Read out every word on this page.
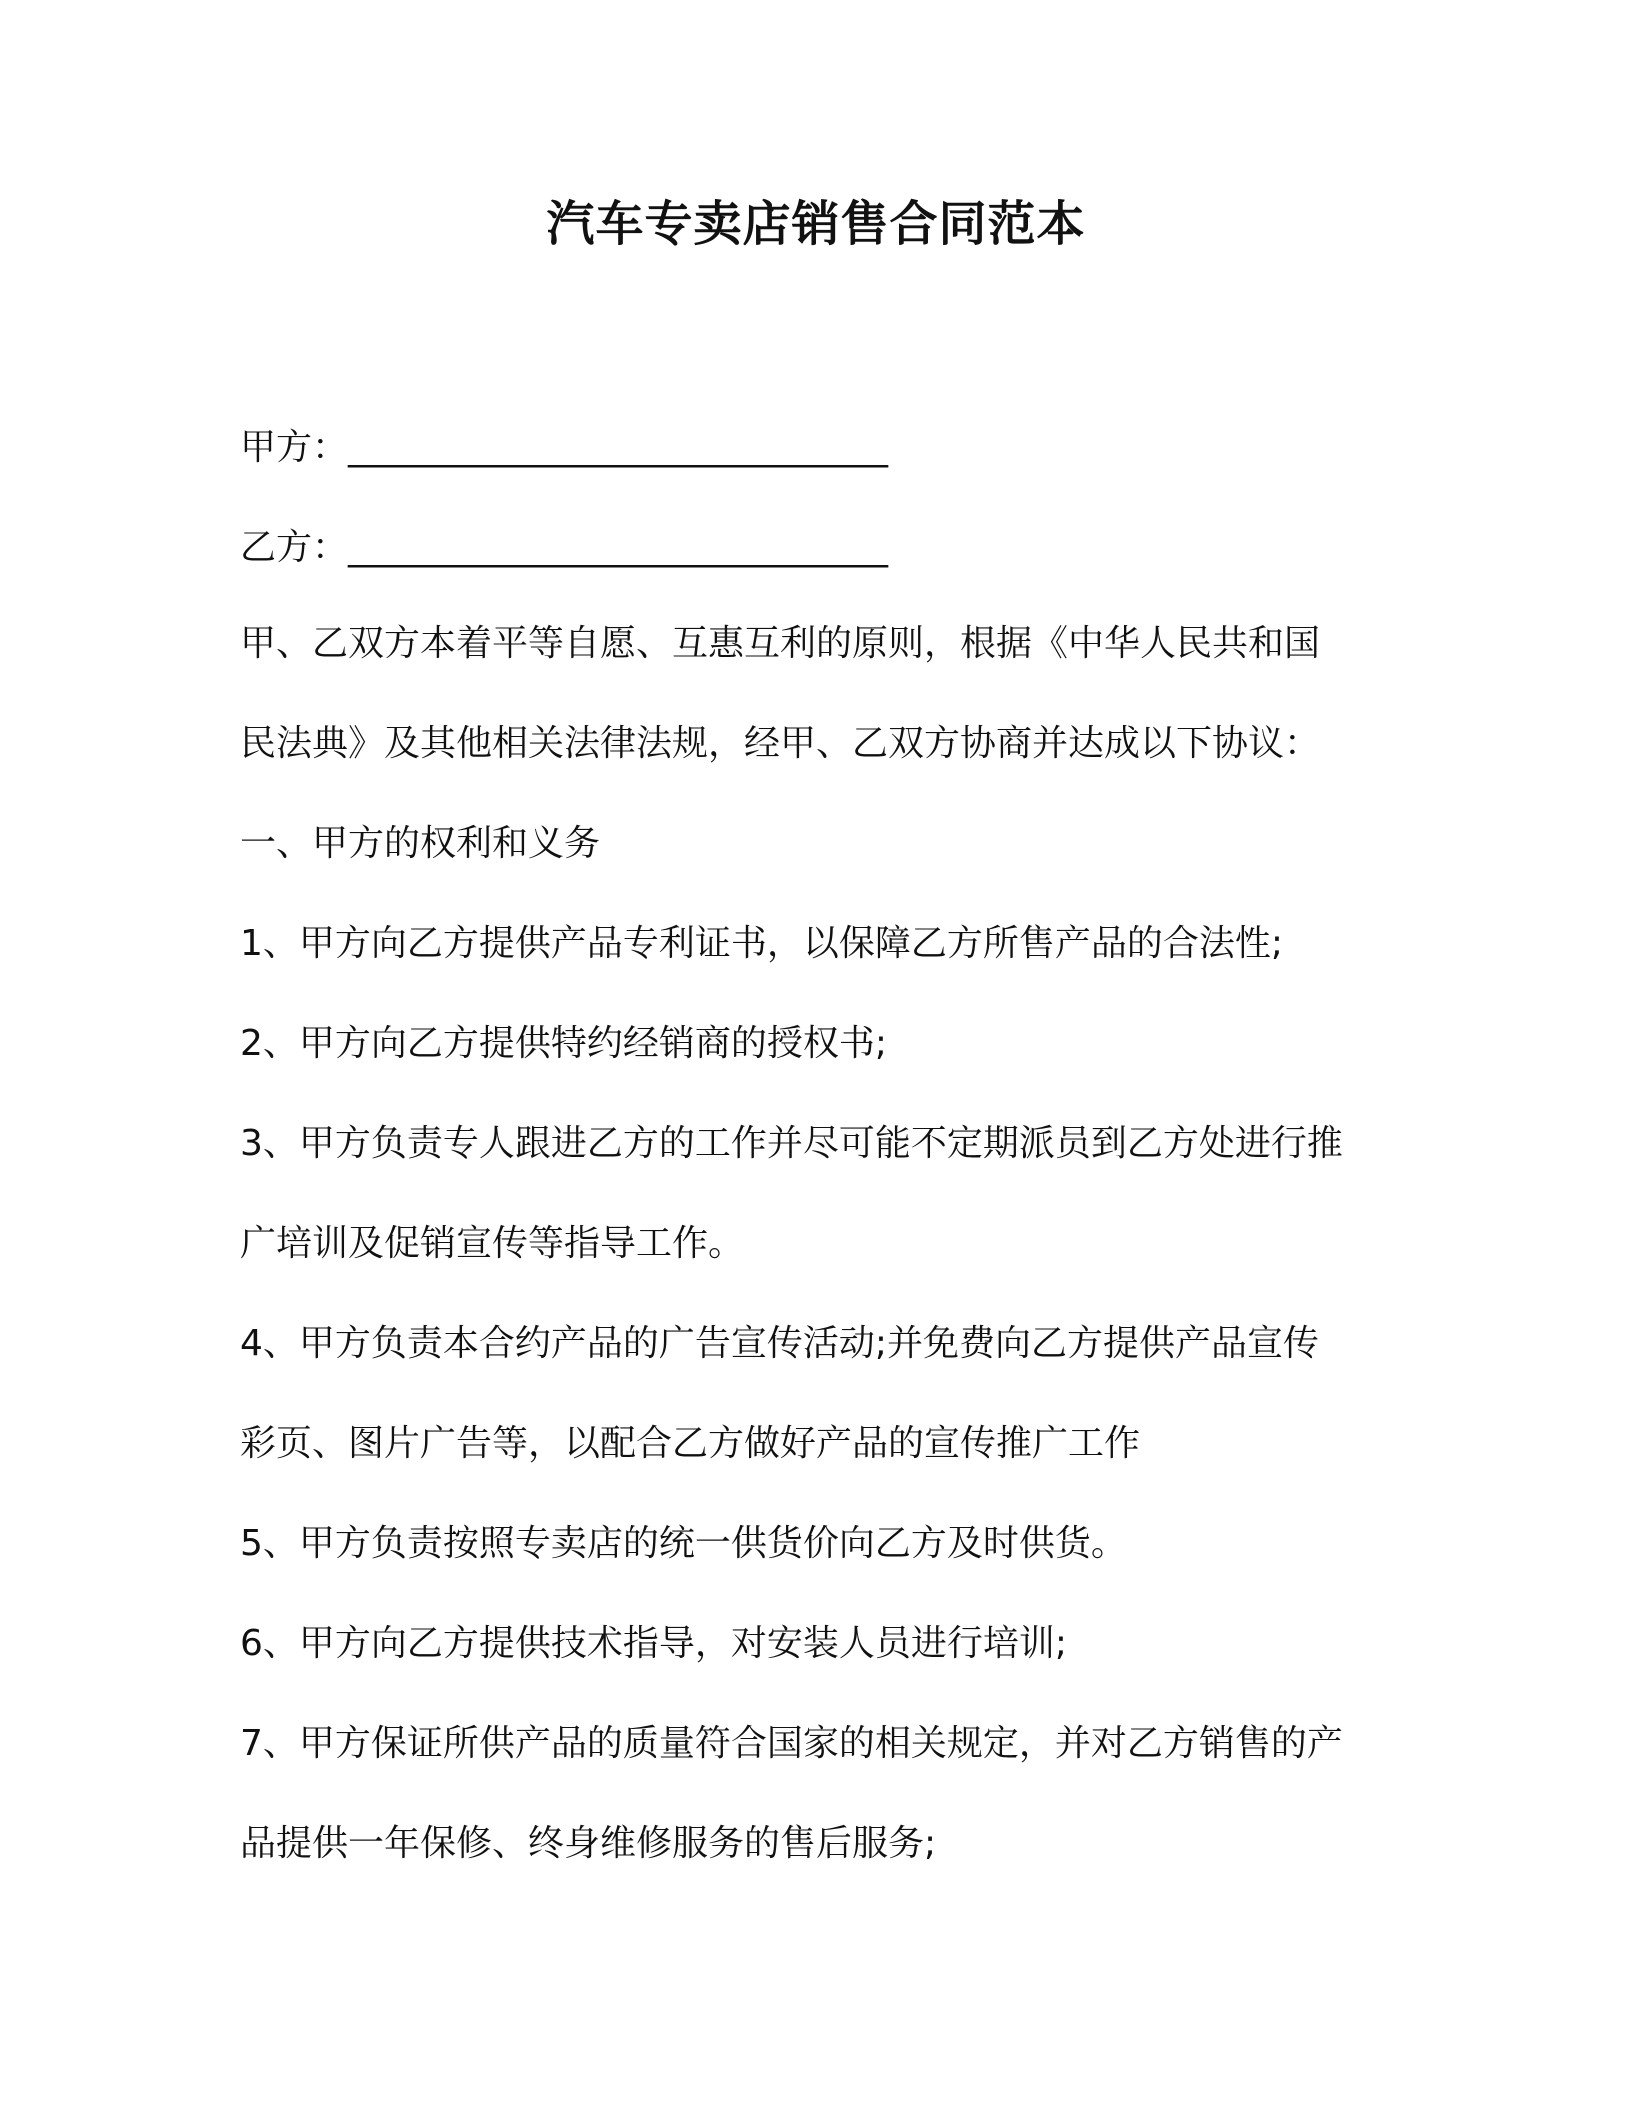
汽车专卖店销售合同范本
甲方：______________________________
乙方：______________________________
甲、乙双方本着平等自愿、互惠互利的原则，根据《中华人民共和国
民法典》及其他相关法律法规，经甲、乙双方协商并达成以下协议：
一、甲方的权利和义务
1、甲方向乙方提供产品专利证书，以保障乙方所售产品的合法性;
2、甲方向乙方提供特约经销商的授权书;
3、甲方负责专人跟进乙方的工作并尽可能不定期派员到乙方处进行推
广培训及促销宣传等指导工作。
4、甲方负责本合约产品的广告宣传活动;并免费向乙方提供产品宣传
彩页、图片广告等，以配合乙方做好产品的宣传推广工作
5、甲方负责按照专卖店的统一供货价向乙方及时供货。
6、甲方向乙方提供技术指导，对安装人员进行培训;
7、甲方保证所供产品的质量符合国家的相关规定，并对乙方销售的产
品提供一年保修、终身维修服务的售后服务;
